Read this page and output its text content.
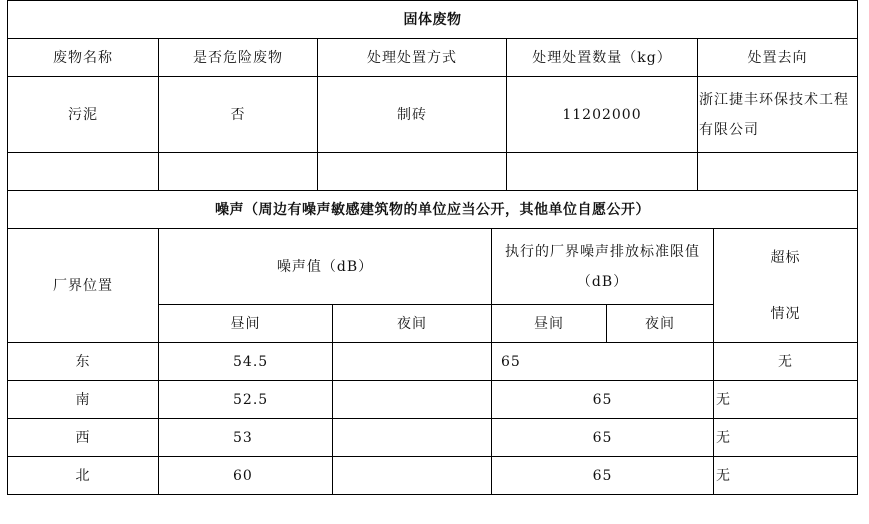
固体废物				
废物名称	是否危险废物	处理处置方式	处理处置数量（kg）	处置去向
污泥	否	制砖	11202000	浙江捷丰环保技术工程有限公司

噪声（周边有噪声敏感建筑物的单位应当公开，其他单位自愿公开）					
厂界位置	噪声值（dB）		执行的厂界噪声排放标准限值（dB）		超标
情况

	昼间	夜间	昼间	夜间	
东	54.5		65		无
南	52.5		65		无
西	53		65		无
北	60		65		无
